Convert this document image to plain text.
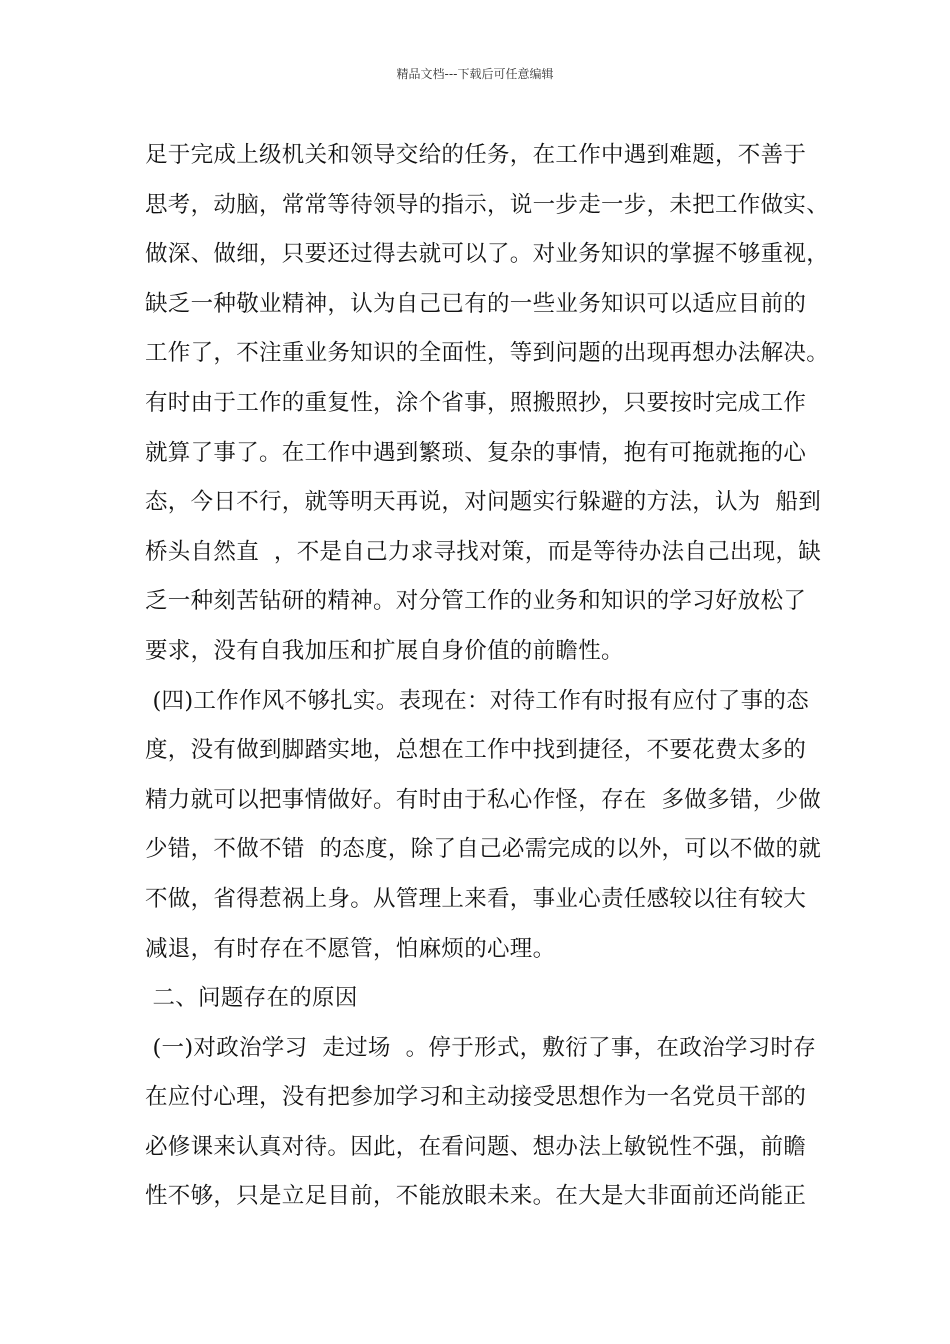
精品文档---下载后可任意编辑
足于完成上级机关和领导交给的任务，在工作中遇到难题，不善于
思考，动脑，常常等待领导的指示，说一步走一步，未把工作做实、
做深、做细，只要还过得去就可以了。对业务知识的掌握不够重视，
缺乏一种敬业精神，认为自己已有的一些业务知识可以适应目前的
工作了，不注重业务知识的全面性，等到问题的出现再想办法解决。
有时由于工作的重复性，涂个省事，照搬照抄，只要按时完成工作
就算了事了。在工作中遇到繁琐、复杂的事情，抱有可拖就拖的心
态，今日不行，就等明天再说，对问题实行躲避的方法，认为  船到
桥头自然直  ，不是自己力求寻找对策，而是等待办法自己出现，缺
乏一种刻苦钻研的精神。对分管工作的业务和知识的学习好放松了
要求，没有自我加压和扩展自身价值的前瞻性。
(四)工作作风不够扎实。表现在：对待工作有时报有应付了事的态
度，没有做到脚踏实地，总想在工作中找到捷径，不要花费太多的
精力就可以把事情做好。有时由于私心作怪，存在  多做多错，少做
少错，不做不错  的态度，除了自己必需完成的以外，可以不做的就
不做，省得惹祸上身。从管理上来看，事业心责任感较以往有较大
减退，有时存在不愿管，怕麻烦的心理。
二、问题存在的原因
(一)对政治学习  走过场  。停于形式，敷衍了事，在政治学习时存
在应付心理，没有把参加学习和主动接受思想作为一名党员干部的
必修课来认真对待。因此，在看问题、想办法上敏锐性不强，前瞻
性不够，只是立足目前，不能放眼未来。在大是大非面前还尚能正
